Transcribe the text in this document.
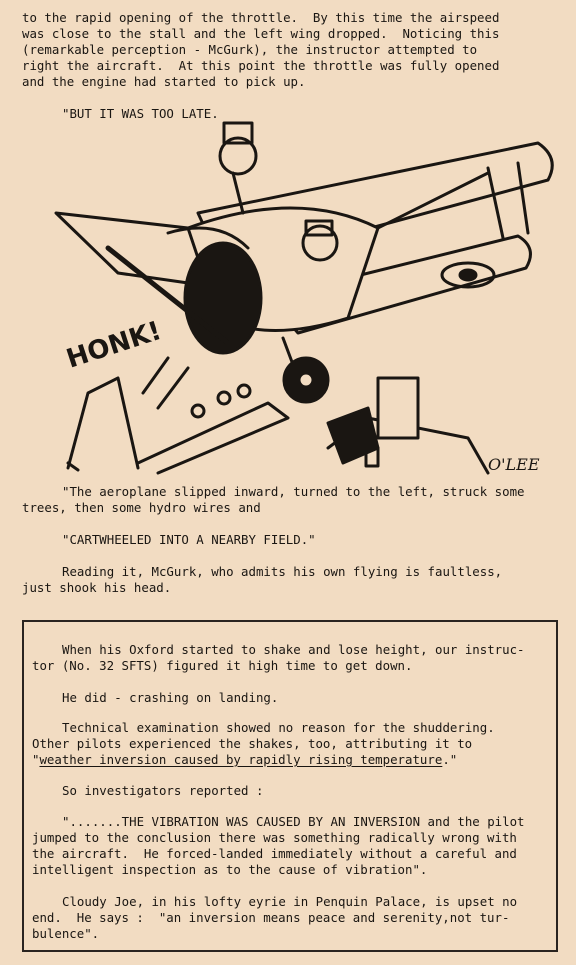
to the rapid opening of the throttle.  By this time the airspeed
was close to the stall and the left wing dropped.  Noticing this
(remarkable perception - McGurk), the instructor attempted to
right the aircraft.  At this point the throttle was fully opened
and the engine had started to pick up.
"BUT IT WAS TOO LATE.
HONK!
O'LEE
"The aeroplane slipped inward, turned to the left, struck some
trees, then some hydro wires and
"CARTWHEELED INTO A NEARBY FIELD."
Reading it, McGurk, who admits his own flying is faultless,
just shook his head.
When his Oxford started to shake and lose height, our instruc-
tor (No. 32 SFTS) figured it high time to get down.
He did - crashing on landing.
Technical examination showed no reason for the shuddering.
Other pilots experienced the shakes, too, attributing it to
"weather inversion caused by rapidly rising temperature."
So investigators reported :
".......THE VIBRATION WAS CAUSED BY AN INVERSION and the pilot
jumped to the conclusion there was something radically wrong with
the aircraft.  He forced-landed immediately without a careful and
intelligent inspection as to the cause of vibration".
Cloudy Joe, in his lofty eyrie in Penquin Palace, is upset no
end.  He says :  "an inversion means peace and serenity,not tur-
bulence".
